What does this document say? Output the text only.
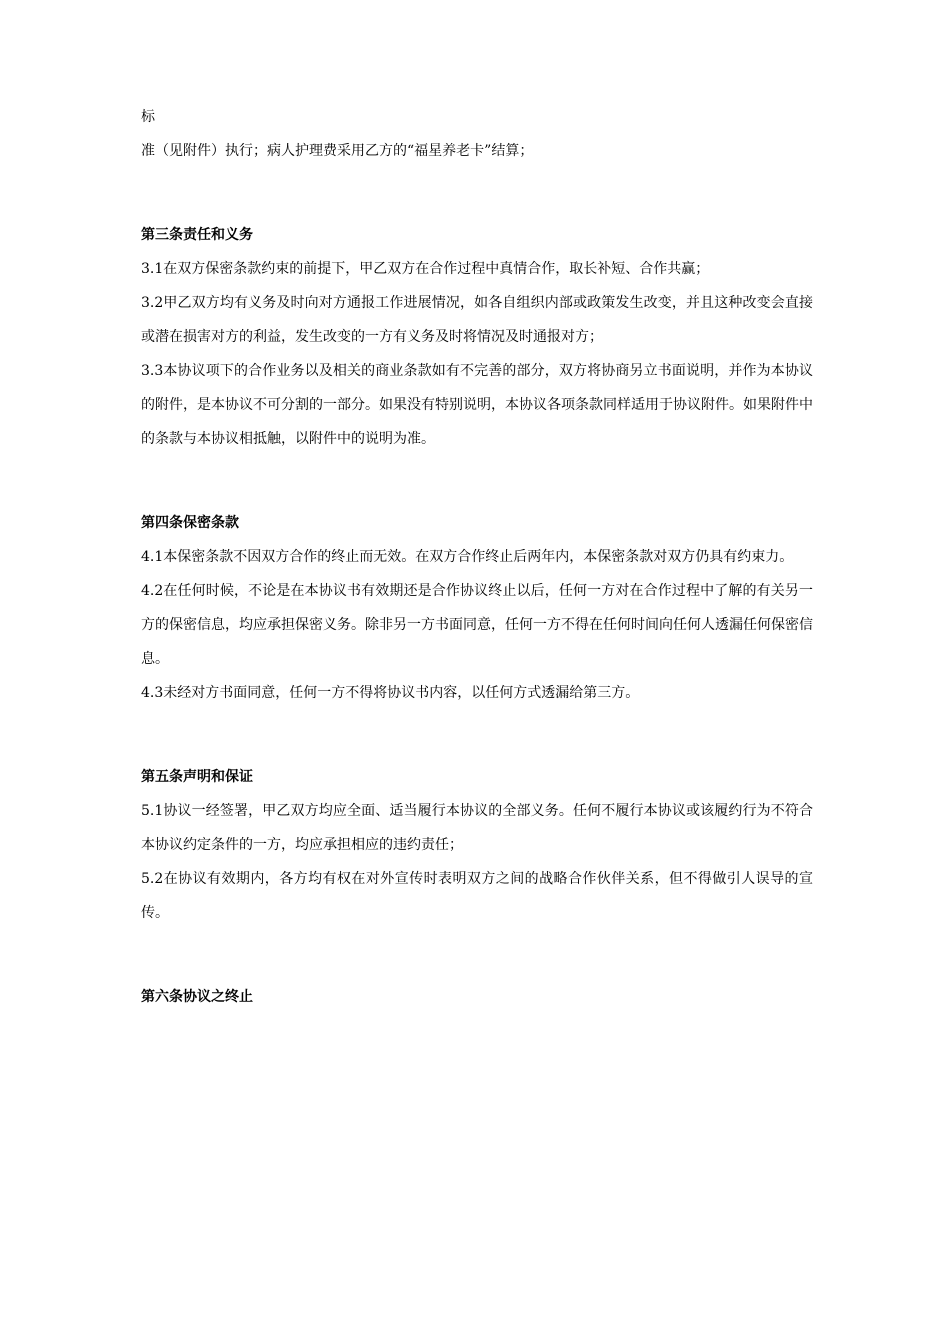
标

准（见附件）执行；病人护理费采用乙方的“福星养老卡”结算；

第三条责任和义务

3.1在双方保密条款约束的前提下，甲乙双方在合作过程中真情合作，取长补短、合作共赢；

3.2甲乙双方均有义务及时向对方通报工作进展情况，如各自组织内部或政策发生改变，并且这种改变会直接或潜在损害对方的利益，发生改变的一方有义务及时将情况及时通报对方；

3.3本协议项下的合作业务以及相关的商业条款如有不完善的部分，双方将协商另立书面说明，并作为本协议的附件，是本协议不可分割的一部分。如果没有特别说明，本协议各项条款同样适用于协议附件。如果附件中的条款与本协议相抵触，以附件中的说明为准。

第四条保密条款

4.1本保密条款不因双方合作的终止而无效。在双方合作终止后两年内，本保密条款对双方仍具有约束力。

4.2在任何时候，不论是在本协议书有效期还是合作协议终止以后，任何一方对在合作过程中了解的有关另一方的保密信息，均应承担保密义务。除非另一方书面同意，任何一方不得在任何时间向任何人透漏任何保密信息。

4.3未经对方书面同意，任何一方不得将协议书内容，以任何方式透漏给第三方。

第五条声明和保证

5.1协议一经签署，甲乙双方均应全面、适当履行本协议的全部义务。任何不履行本协议或该履约行为不符合本协议约定条件的一方，均应承担相应的违约责任；

5.2在协议有效期内，各方均有权在对外宣传时表明双方之间的战略合作伙伴关系，但不得做引人误导的宣传。

第六条协议之终止
